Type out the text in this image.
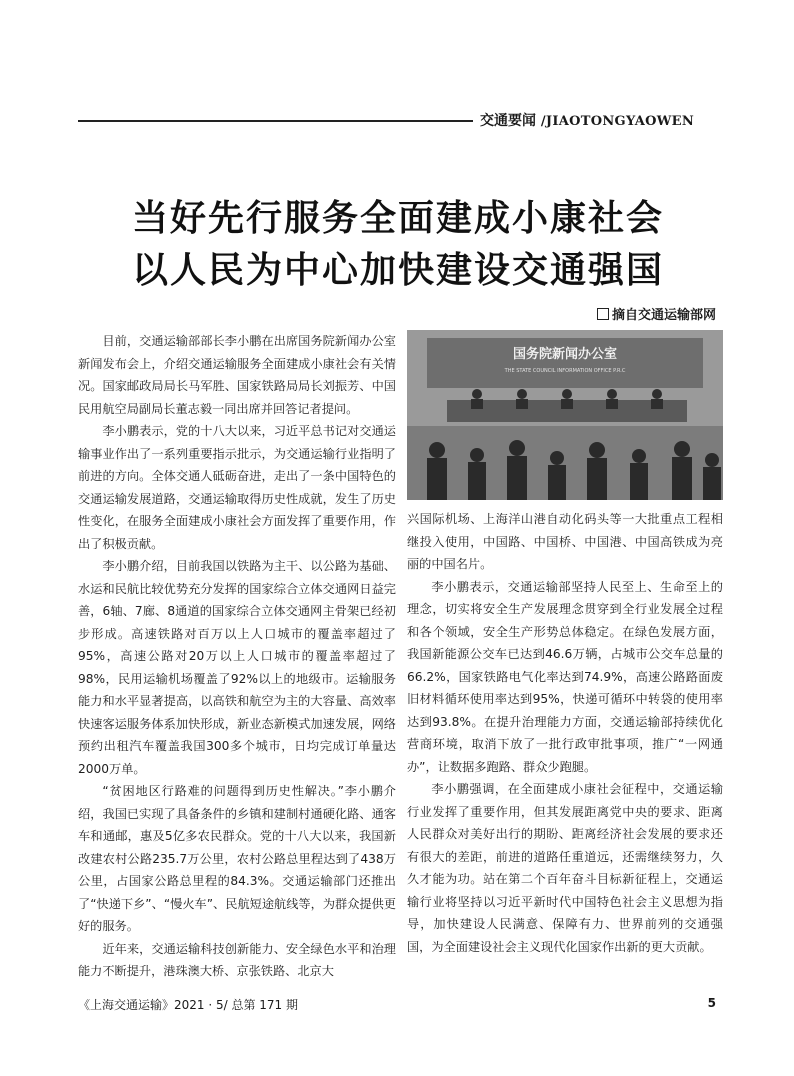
交通要闻 /JIAOTONGYAOWEN
当好先行服务全面建成小康社会
以人民为中心加快建设交通强国
摘自交通运输部网

目前，交通运输部部长李小鹏在出席国务院新闻办公室新闻发布会上，介绍交通运输服务全面建成小康社会有关情况。国家邮政局局长马军胜、国家铁路局局长刘振芳、中国民用航空局副局长董志毅一同出席并回答记者提问。

李小鹏表示，党的十八大以来，习近平总书记对交通运输事业作出了一系列重要指示批示，为交通运输行业指明了前进的方向。全体交通人砥砺奋进，走出了一条中国特色的交通运输发展道路，交通运输取得历史性成就，发生了历史性变化，在服务全面建成小康社会方面发挥了重要作用，作出了积极贡献。

李小鹏介绍，目前我国以铁路为主干、以公路为基础、水运和民航比较优势充分发挥的国家综合立体交通网日益完善，6轴、7廊、8通道的国家综合立体交通网主骨架已经初步形成。高速铁路对百万以上人口城市的覆盖率超过了95%，高速公路对20万以上人口城市的覆盖率超过了98%，民用运输机场覆盖了92%以上的地级市。运输服务能力和水平显著提高，以高铁和航空为主的大容量、高效率快速客运服务体系加快形成，新业态新模式加速发展，网络预约出租汽车覆盖我国300多个城市，日均完成订单量达2000万单。

“贫困地区行路难的问题得到历史性解决。”李小鹏介绍，我国已实现了具备条件的乡镇和建制村通硬化路、通客车和通邮，惠及5亿多农民群众。党的十八大以来，我国新改建农村公路235.7万公里，农村公路总里程达到了438万公里，占国家公路总里程的84.3%。交通运输部门还推出了“快递下乡”、“慢火车”、民航短途航线等，为群众提供更好的服务。

近年来，交通运输科技创新能力、安全绿色水平和治理能力不断提升，港珠澳大桥、京张铁路、北京大

国务院新闻办公室
THE STATE COUNCIL INFORMATION OFFICE P.R.C

兴国际机场、上海洋山港自动化码头等一大批重点工程相继投入使用，中国路、中国桥、中国港、中国高铁成为亮丽的中国名片。

李小鹏表示，交通运输部坚持人民至上、生命至上的理念，切实将安全生产发展理念贯穿到全行业发展全过程和各个领域，安全生产形势总体稳定。在绿色发展方面，我国新能源公交车已达到46.6万辆，占城市公交车总量的66.2%，国家铁路电气化率达到74.9%，高速公路路面废旧材料循环使用率达到95%，快递可循环中转袋的使用率达到93.8%。在提升治理能力方面，交通运输部持续优化营商环境，取消下放了一批行政审批事项，推广“一网通办”，让数据多跑路、群众少跑腿。

李小鹏强调，在全面建成小康社会征程中，交通运输行业发挥了重要作用，但其发展距离党中央的要求、距离人民群众对美好出行的期盼、距离经济社会发展的要求还有很大的差距，前进的道路任重道远，还需继续努力，久久才能为功。站在第二个百年奋斗目标新征程上，交通运输行业将坚持以习近平新时代中国特色社会主义思想为指导，加快建设人民满意、保障有力、世界前列的交通强国，为全面建设社会主义现代化国家作出新的更大贡献。

《上海交通运输》2021 · 5/ 总第 171 期	5
